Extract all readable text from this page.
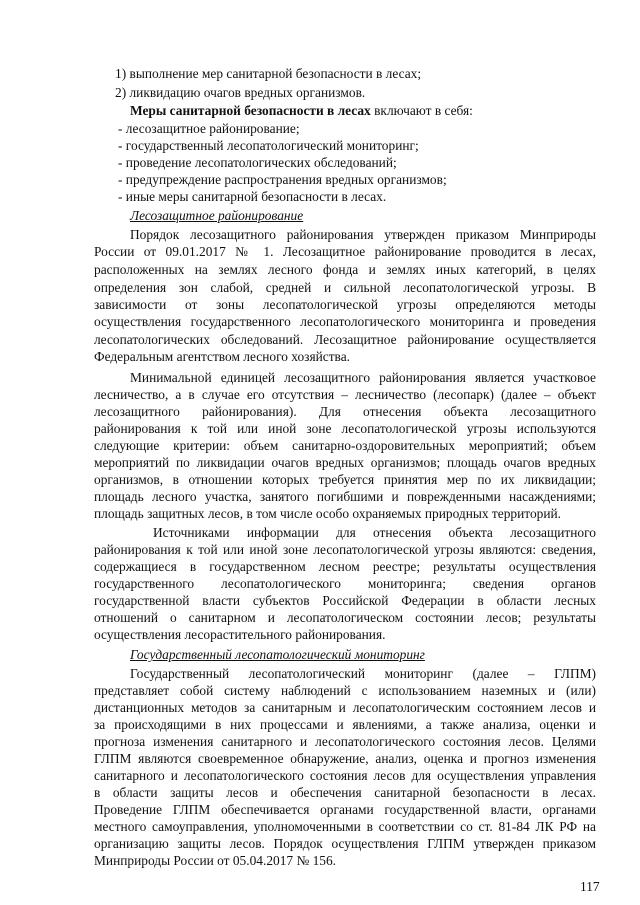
1) выполнение мер санитарной безопасности в лесах;
2) ликвидацию очагов вредных организмов.
Меры санитарной безопасности в лесах включают в себя:
- лесозащитное районирование;
- государственный лесопатологический мониторинг;
- проведение лесопатологических обследований;
- предупреждение распространения вредных организмов;
- иные меры санитарной безопасности в лесах.
Лесозащитное районирование
Порядок лесозащитного районирования утвержден приказом Минприроды
России от 09.01.2017 № 1. Лесозащитное районирование проводится в лесах,
расположенных на землях лесного фонда и землях иных категорий, в целях
определения зон слабой, средней и сильной лесопатологической угрозы. В
зависимости от зоны лесопатологической угрозы определяются методы
осуществления государственного лесопатологического мониторинга и проведения
лесопатологических обследований. Лесозащитное районирование осуществляется
Федеральным агентством лесного хозяйства.
Минимальной единицей лесозащитного районирования является участковое
лесничество, а в случае его отсутствия – лесничество (лесопарк) (далее – объект
лесозащитного районирования). Для отнесения объекта лесозащитного
районирования к той или иной зоне лесопатологической угрозы используются
следующие критерии: объем санитарно-оздоровительных мероприятий; объем
мероприятий по ликвидации очагов вредных организмов; площадь очагов вредных
организмов, в отношении которых требуется принятия мер по их ликвидации;
площадь лесного участка, занятого погибшими и поврежденными насаждениями;
площадь защитных лесов, в том числе особо охраняемых природных территорий.
Источниками информации для отнесения объекта лесозащитного
районирования к той или иной зоне лесопатологической угрозы являются: сведения,
содержащиеся в государственном лесном реестре; результаты осуществления
государственного лесопатологического мониторинга; сведения органов
государственной власти субъектов Российской Федерации в области лесных
отношений о санитарном и лесопатологическом состоянии лесов; результаты
осуществления лесорастительного районирования.
Государственный лесопатологический мониторинг
Государственный лесопатологический мониторинг (далее – ГЛПМ)
представляет собой систему наблюдений с использованием наземных и (или)
дистанционных методов за санитарным и лесопатологическим состоянием лесов и
за происходящими в них процессами и явлениями, а также анализа, оценки и
прогноза изменения санитарного и лесопатологического состояния лесов. Целями
ГЛПМ являются своевременное обнаружение, анализ, оценка и прогноз изменения
санитарного и лесопатологического состояния лесов для осуществления управления
в области защиты лесов и обеспечения санитарной безопасности в лесах.
Проведение ГЛПМ обеспечивается органами государственной власти, органами
местного самоуправления, уполномоченными в соответствии со ст. 81-84 ЛК РФ на
организацию защиты лесов. Порядок осуществления ГЛПМ утвержден приказом
Минприроды России от 05.04.2017 № 156.
117
